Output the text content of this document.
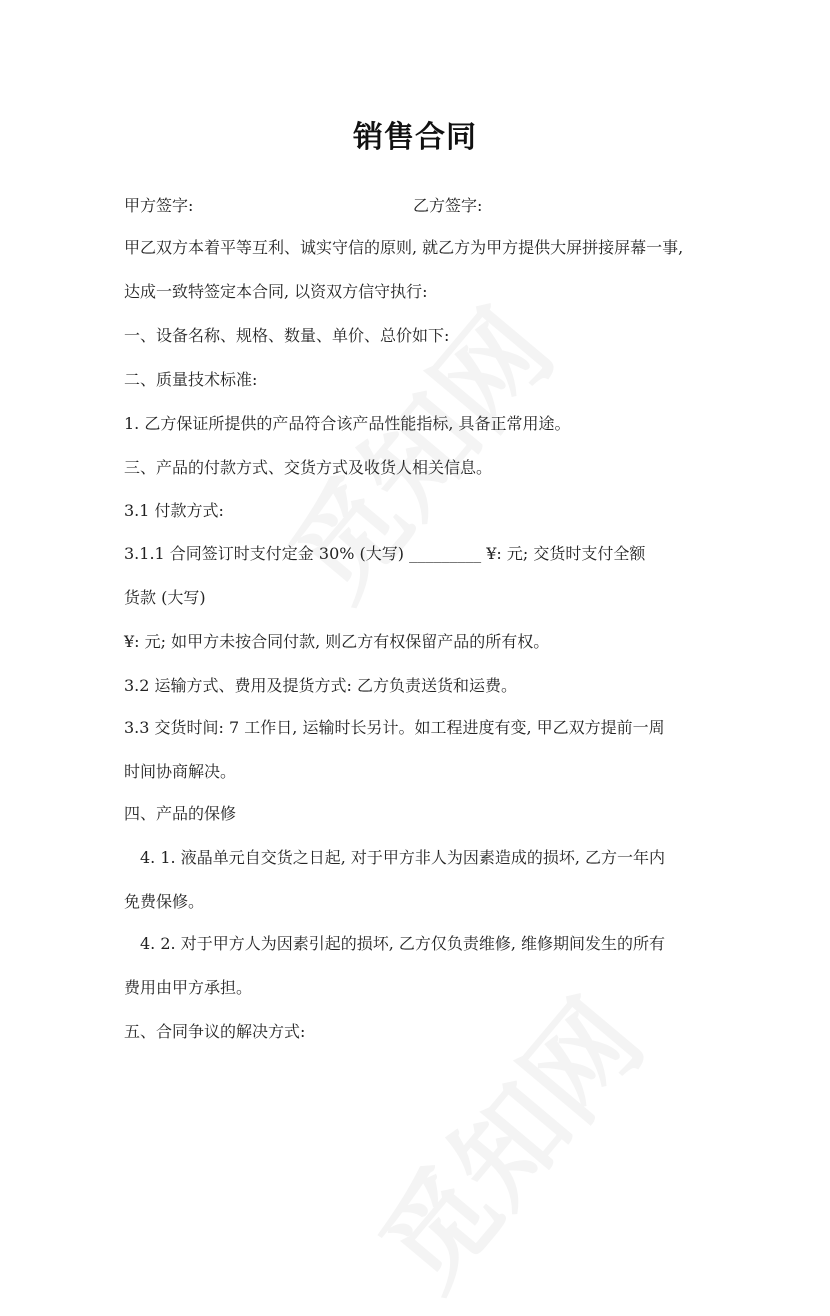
销售合同
甲方签字:	乙方签字:
甲乙双方本着平等互利、诚实守信的原则, 就乙方为甲方提供大屏拼接屏幕一事,
达成一致特签定本合同, 以资双方信守执行:
一、设备名称、规格、数量、单价、总价如下:
二、质量技术标准:
1. 乙方保证所提供的产品符合该产品性能指标, 具备正常用途。
三、产品的付款方式、交货方式及收货人相关信息。
3.1 付款方式:
3.1.1 合同签订时支付定金 30% (大写) _________ ¥: 元; 交货时支付全额
货款 (大写)
¥: 元; 如甲方未按合同付款, 则乙方有权保留产品的所有权。
3.2 运输方式、费用及提货方式: 乙方负责送货和运费。
3.3 交货时间: 7 工作日, 运输时长另计。如工程进度有变, 甲乙双方提前一周
时间协商解决。
四、产品的保修
4. 1. 液晶单元自交货之日起, 对于甲方非人为因素造成的损坏, 乙方一年内
免费保修。
4. 2. 对于甲方人为因素引起的损坏, 乙方仅负责维修, 维修期间发生的所有
费用由甲方承担。
五、合同争议的解决方式:
